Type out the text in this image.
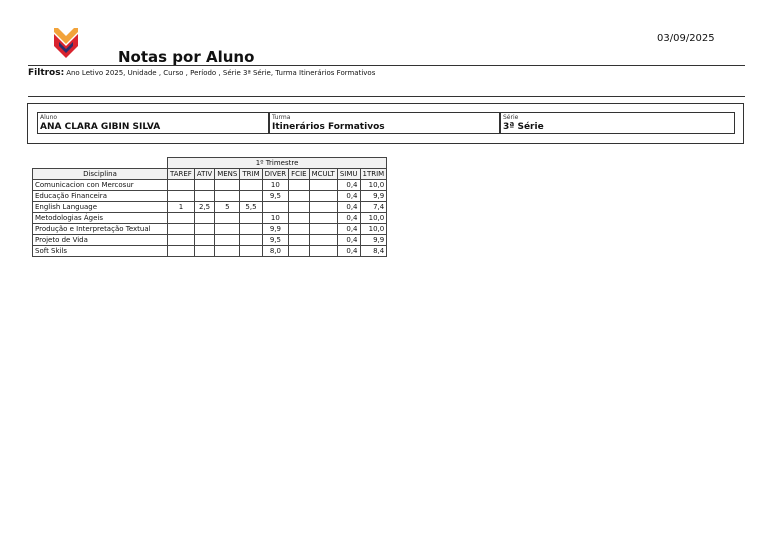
03/09/2025
Notas por Aluno
Filtros: Ano Letivo 2025, Unidade , Curso , Período , Série 3ª Série, Turma Itinerários Formativos
Aluno
ANA CLARA GIBIN SILVA
Turma
Itinerários Formativos
Série
3ª Série
	1º Trimestre								
Disciplina	TAREF	ATIV	MENS	TRIM	DIVER	FCIE	MCULT	SIMU	1TRIM
Comunicacion con Mercosur					10			0,4	10,0
Educação Financeira					9,5			0,4	9,9
English Language	1	2,5	5	5,5				0,4	7,4
Metodologias Ágeis					10			0,4	10,0
Produção e Interpretação Textual					9,9			0,4	10,0
Projeto de Vida					9,5			0,4	9,9
Soft Skils					8,0			0,4	8,4
